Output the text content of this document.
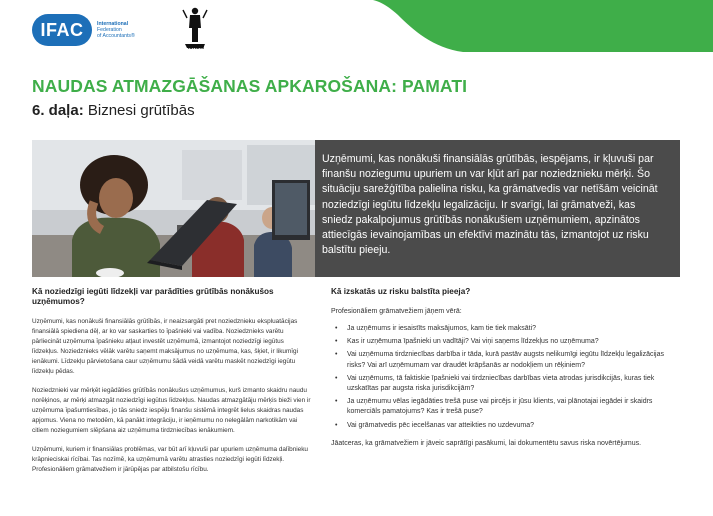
IFAC	International
Federation
of Accountants®
ICAEW
NAUDAS ATMAZGĀŠANAS APKAROŠANA: PAMATI
6. daļa: Biznesi grūtībās
Uzņēmumi, kas nonākuši finansiālās grūtībās, iespējams, ir kļuvuši par finanšu noziegumu upuriem un var kļūt arī par noziedznieku mērķi. Šo situāciju sarežģītība palielina risku, ka grāmatvedis var netīšām veicināt noziedzīgi iegūtu līdzekļu legalizāciju. Ir svarīgi, lai grāmatveži, kas sniedz pakalpojumus grūtībās nonākušiem uzņēmumiem, apzinātos attiecīgās ievainojamības un efektīvi mazinātu tās, izmantojot uz risku balstītu pieeju.
Kā noziedzīgi iegūti līdzekļi var parādīties grūtībās nonākušos uzņēmumos?

Uzņēmumi, kas nonākuši finansiālās grūtībās, ir neaizsargāti pret noziedznieku ekspluatācijas finansiālā spiediena dēļ, ar ko var saskarties to īpašnieki vai vadība. Noziedznieks varētu pārliecināt uzņēmuma īpašnieku atļaut investēt uzņēmumā, izmantojot noziedzīgi iegūtus līdzekļus. Noziedznieks vēlāk varētu saņemt maksājumus no uzņēmuma, kas, šķiet, ir likumīgi ienākumi. Līdzekļu pārvietošana caur uzņēmumu šādā veidā varētu maskēt noziedzīgi iegūtu līdzekļu pēdas.

Noziedznieki var mērķēt iegādāties grūtībās nonākušus uzņēmumus, kurš izmanto skaidru naudu norēķinos, ar mērķi atmazgāt noziedzīgi iegūtus līdzekļus. Naudas atmazgātāju mērķis bieži vien ir uzņēmuma īpašumtiesības, jo tās sniedz iespēju finanšu sistēmā integrēt lielus skaidras naudas apjomus. Viena no metodēm, kā panākt integrāciju, ir ieņēmumu no nelegālām narkotikām vai citiem noziegumiem slēpšana aiz uzņēmuma tirdzniecības ienākumiem.

Uzņēmumi, kuriem ir finansiālas problēmas, var būt arī kļuvuši par upuriem uzņēmuma dalībnieku krāpnieciskai rīcībai. Tas nozīmē, ka uzņēmumā varētu atrasties noziedzīgi iegūti līdzekļi. Profesionāliem grāmatvežiem ir jārūpējas par atbilstošu rīcību.

Kā izskatās uz risku balstīta pieeja?
Profesionāliem grāmatvežiem jāņem vērā:
• Ja uzņēmums ir iesaistīts maksājumos, kam tie tiek maksāti?
• Kas ir uzņēmuma īpašnieki un vadītāji? Vai viņi saņems līdzekļus no uzņēmuma?
• Vai uzņēmuma tirdzniecības darbība ir tāda, kurā pastāv augsts nelikumīgi iegūtu līdzekļu legalizācijas risks? Vai arī uzņēmumam var draudēt krāpšanās ar nodokļiem un rēķiniem?
• Vai uzņēmums, tā faktiskie īpašnieki vai tirdzniecības darbības vieta atrodas jurisdikcijās, kuras tiek uzskatītas par augsta riska jurisdikcijām?
• Ja uzņēmumu vēlas iegādāties trešā puse vai pircējs ir jūsu klients, vai plānotajai iegādei ir skaidrs komerciāls pamatojums? Kas ir trešā puse?
• Vai grāmatvedis pēc iecelšanas var atteikties no uzdevuma?
Jāatceras, ka grāmatvežiem ir jāveic saprātīgi pasākumi, lai dokumentētu savus riska novērtējumus.
